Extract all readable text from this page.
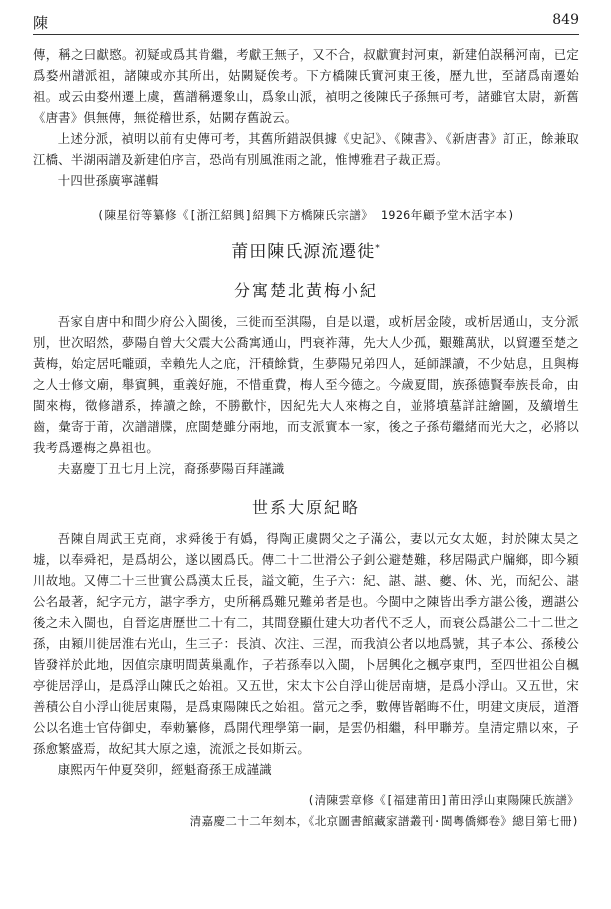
陳	849

傳，稱之曰獻愍。初疑或爲其肯繼，考獻王無子，又不合，叔獻實封河東，新建伯誤稱河南，已定爲婺州譜派祖，諸陳或亦其所出，姑闕疑俟考。下方橋陳氏實河東王後，歷九世，至諸爲南遷始祖。或云由婺州遷上虞，舊譜稱遷象山，爲象山派，禎明之後陳氏子孫無可考，諸雖官太尉，新舊《唐書》俱無傳，無從稽世系，姑闕存舊說云。

上述分派，禎明以前有史傳可考，其舊所錯誤俱據《史記》、《陳書》、《新唐書》訂正，餘兼取江橋、半湖兩譜及新建伯序言，恐尚有別風淮雨之訛，惟博雅君子裁正焉。

十四世孫廣寧謹輯

(陳星衍等纂修《[浙江紹興]紹興下方橋陳氏宗譜》 1926年顧予堂木活字本)
莆田陳氏源流遷徙*
分寓楚北黃梅小紀

吾家自唐中和間少府公入閩後，三徙而至淇陽，自是以還，或析居金陵，或析居通山，支分派別，世次昭然，夢陽自曾大父震大公喬寓通山，門衰祚薄，先大人少孤，艱難萬狀，以貿遷至楚之黃梅，始定居吒嚨頭，幸賴先人之庇，汗積餘貲，生夢陽兄弟四人，延師課讀，不少姑息，且與梅之人士修文廟，舉賓興，重義好施，不惜重費，梅人至今德之。今歲夏間，族孫德賢奉族長命，由閩來梅，徵修譜系，捧讀之餘，不勝歡忭，因紀先大人來梅之自，並將墳墓詳註繪圖，及續增生齒，彙寄于莆，次譜譜牒，庶閩楚雖分兩地，而支派實本一家，後之子孫苟繼緒而光大之，必將以我考爲遷梅之鼻祖也。

夫嘉慶丁丑七月上浣，裔孫夢陽百拜謹識

世系大原紀略

吾陳自周武王克商，求舜後于有嬀，得陶正虞閼父之子滿公，妻以元女太姬，封於陳太昊之墟，以奉舜祀，是爲胡公，遂以國爲氏。傳二十二世滑公子釗公避楚難，移居陽武户牖鄉，即今潁川故地。又傳二十三世實公爲漢太丘長，謚文範，生子六：紀、諶、諶、夔、休、光，而紀公、諶公名最著，紀字元方，諶字季方，史所稱爲難兄難弟者是也。今閩中之陳皆出季方諶公後，遡諶公後之未入閩也，自晉迄唐歷世二十有二，其間登顯仕建大功者代不乏人，而衰公爲諶公二十二世之孫，由潁川徙居淮右光山，生三子：長湞、次注、三涅，而我湞公者以地爲號，其子本公、孫稜公皆發祥於此地，因值宗康明間黃巢亂作，子若孫奉以入閩，卜居興化之楓亭東門，至四世祖公自楓亭徙居浮山，是爲浮山陳氏之始祖。又五世，宋太卞公自浮山徙居南塘，是爲小浮山。又五世，宋善積公自小浮山徙居東陽，是爲東陽陳氏之始祖。當元之季，數傳皆韜晦不仕，明建文庚辰，道潛公以名進士官侍御史，奉勅纂修，爲開代理學第一嗣，是雲仍相繼，科甲聯芳。皇清定鼎以來，子孫愈繁盛焉，故紀其大原之遠，流派之長如斯云。

康熙丙午仲夏癸卯，經魁裔孫王成謹識

(清陳雲章修《[福建莆田]莆田浮山東陽陳氏族譜》
清嘉慶二十二年刻本，《北京圖書館藏家譜叢刊·閩粵僑鄉卷》總目第七冊)
